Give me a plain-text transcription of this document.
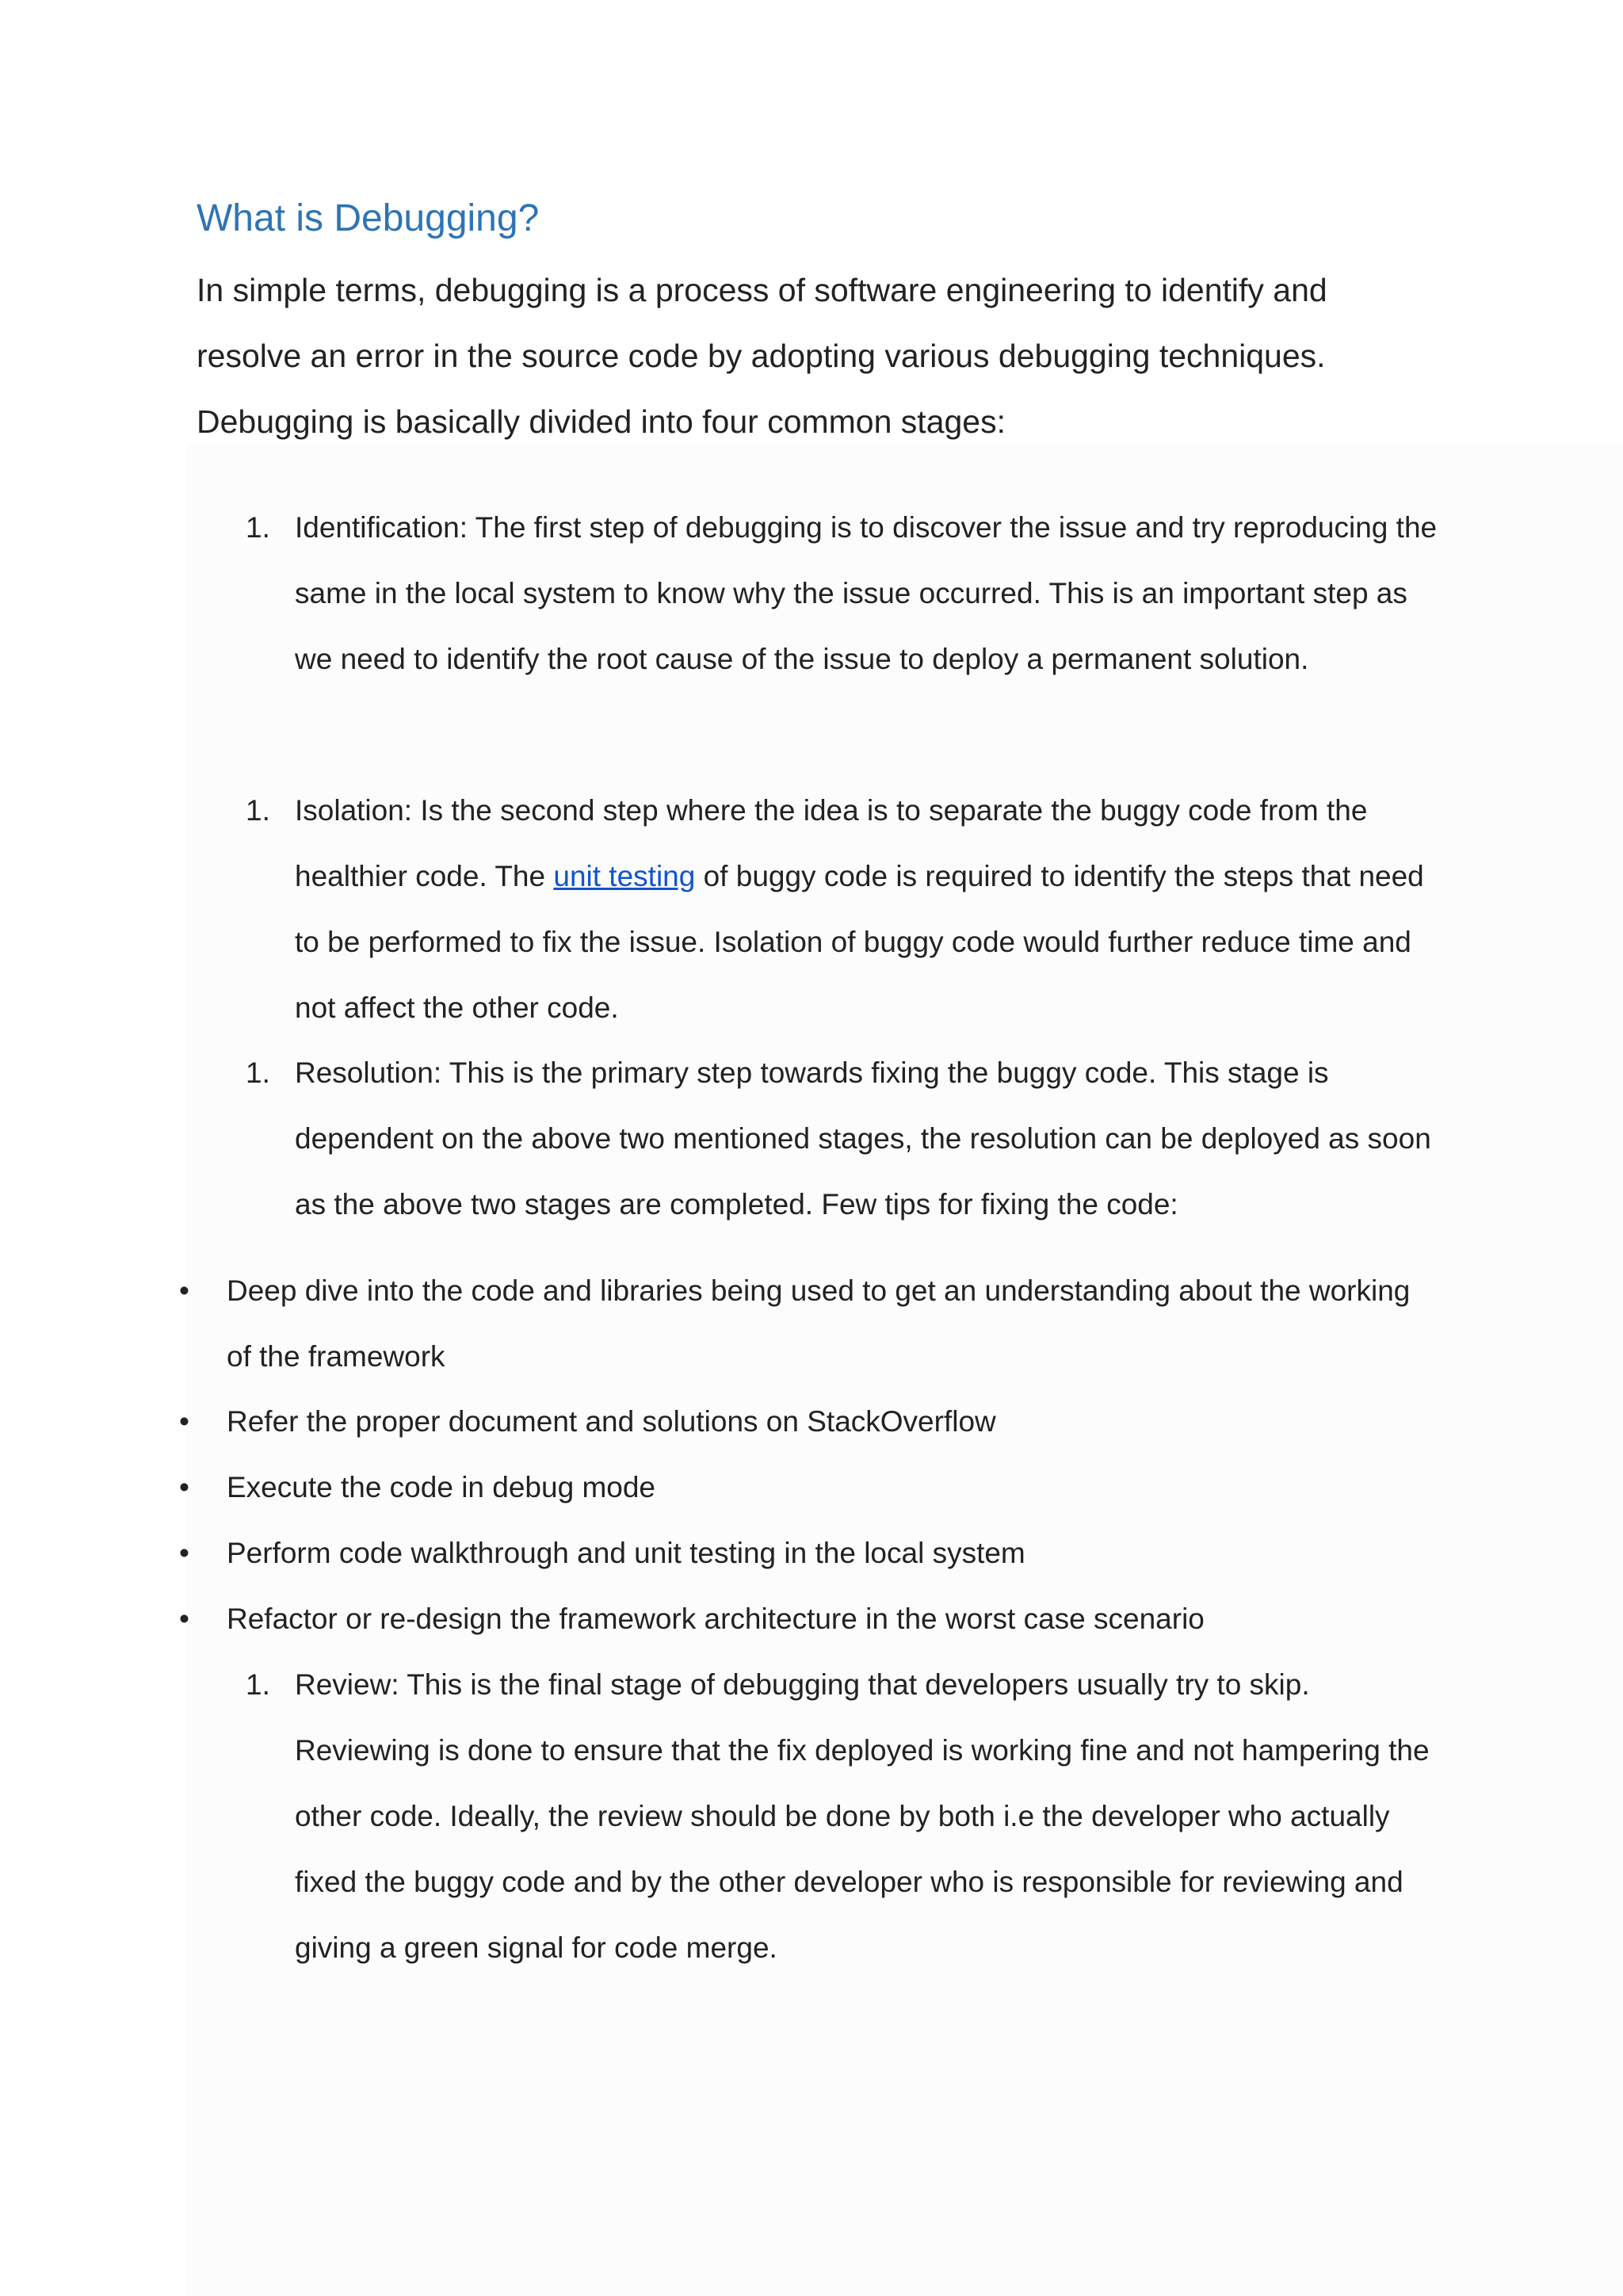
What is Debugging?

In simple terms, debugging is a process of software engineering to identify and resolve an error in the source code by adopting various debugging techniques. Debugging is basically divided into four common stages:

1. Identification: The first step of debugging is to discover the issue and try reproducing the same in the local system to know why the issue occurred. This is an important step as we need to identify the root cause of the issue to deploy a permanent solution.
1. Isolation: Is the second step where the idea is to separate the buggy code from the healthier code. The unit testing of buggy code is required to identify the steps that need to be performed to fix the issue. Isolation of buggy code would further reduce time and not affect the other code.
1. Resolution: This is the primary step towards fixing the buggy code. This stage is dependent on the above two mentioned stages, the resolution can be deployed as soon as the above two stages are completed. Few tips for fixing the code:
•	Deep dive into the code and libraries being used to get an understanding about the working of the framework
•	Refer the proper document and solutions on StackOverflow
•	Execute the code in debug mode
•	Perform code walkthrough and unit testing in the local system
•	Refactor or re-design the framework architecture in the worst case scenario
1. Review: This is the final stage of debugging that developers usually try to skip. Reviewing is done to ensure that the fix deployed is working fine and not hampering the other code. Ideally, the review should be done by both i.e the developer who actually fixed the buggy code and by the other developer who is responsible for reviewing and giving a green signal for code merge.
